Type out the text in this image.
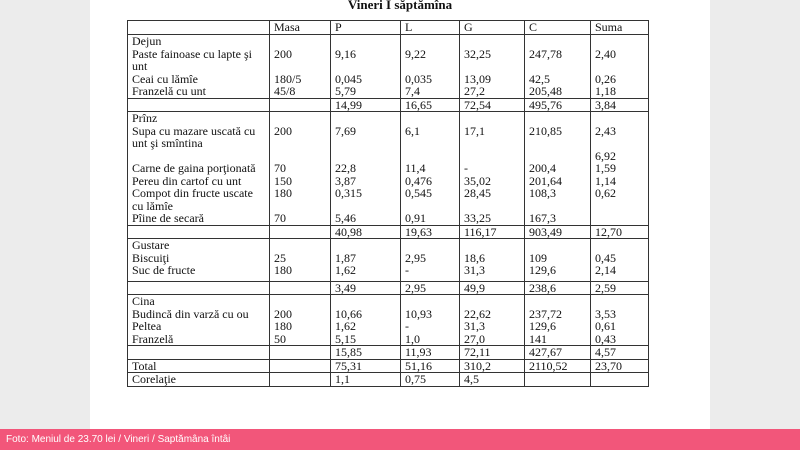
Vineri I săptămîna
	Masa	P	L	G	C	Suma
Dejun						
Paste fainoase cu lapte şi unt	200	9,16	9,22	32,25	247,78	2,40
Ceai cu lămîe	180/5	0,045	0,035	13,09	42,5	0,26
Franzelă cu unt	45/8	5,79	7,4	27,2	205,48	1,18
		14,99	16,65	72,54	495,76	3,84
Prînz						
Supa cu mazare uscată cu unt şi smîntina	200	7,69	6,1	17,1	210,85	2,43
						6,92
Carne de gaina porţionată	70	22,8	11,4	-	200,4	1,59
Pereu din cartof cu unt	150	3,87	0,476	35,02	201,64	1,14
Compot din fructe uscate cu lămîe	180	0,315	0,545	28,45	108,3	0,62
Pîine de secară	70	5,46	0,91	33,25	167,3	
		40,98	19,63	116,17	903,49	12,70
Gustare						
Biscuiţi	25	1,87	2,95	18,6	109	0,45
Suc de fructe	180	1,62	-	31,3	129,6	2,14

		3,49	2,95	49,9	238,6	2,59
Cina						
Budincă din varză cu ou	200	10,66	10,93	22,62	237,72	3,53
Peltea	180	1,62	-	31,3	129,6	0,61
Franzelă	50	5,15	1,0	27,0	141	0,43
		15,85	11,93	72,11	427,67	4,57
Total		75,31	51,16	310,2	2110,52	23,70
Corelaţie		1,1	0,75	4,5		
Foto: Meniul de 23.70 lei / Vineri / Saptămâna întâi
